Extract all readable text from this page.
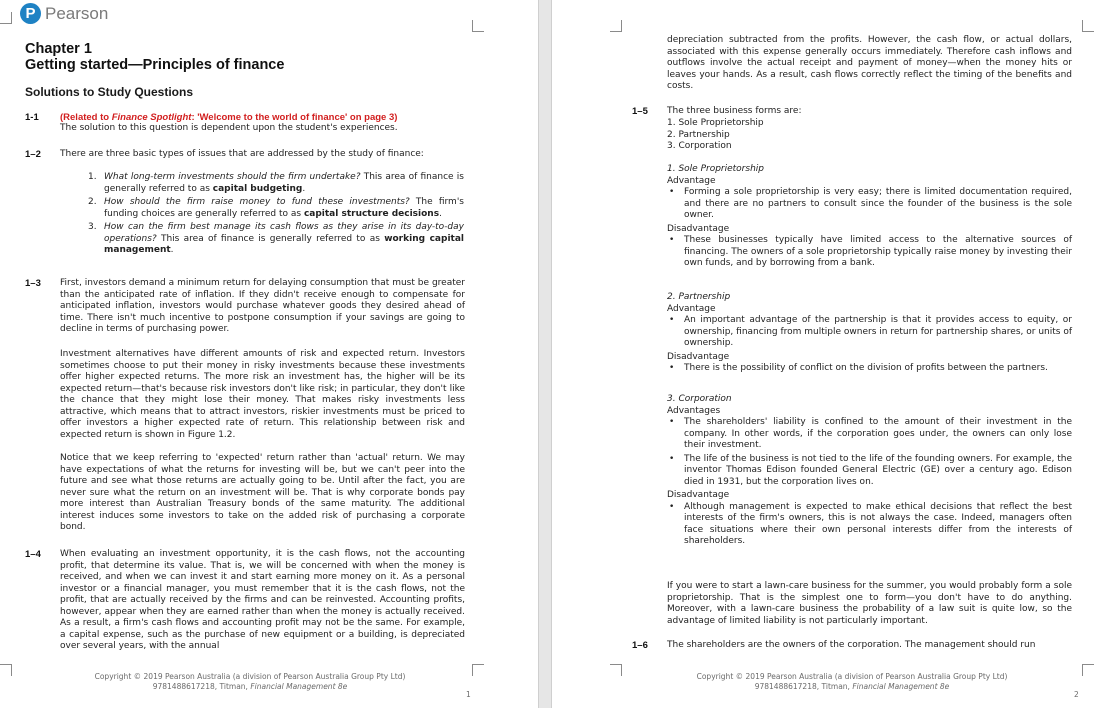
P Pearson
Chapter 1
Getting started—Principles of finance
Solutions to Study Questions
1-1 (Related to Finance Spotlight: 'Welcome to the world of finance' on page 3)
The solution to this question is dependent upon the student's experiences.
1–2 There are three basic types of issues that are addressed by the study of finance:
1. What long-term investments should the firm undertake? This area of finance is generally referred to as capital budgeting.
2. How should the firm raise money to fund these investments? The firm's funding choices are generally referred to as capital structure decisions.
3. How can the firm best manage its cash flows as they arise in its day-to-day operations? This area of finance is generally referred to as working capital management.
1–3 First, investors demand a minimum return for delaying consumption that must be greater than the anticipated rate of inflation. If they didn't receive enough to compensate for anticipated inflation, investors would purchase whatever goods they desired ahead of time. There isn't much incentive to postpone consumption if your savings are going to decline in terms of purchasing power.
Investment alternatives have different amounts of risk and expected return. Investors sometimes choose to put their money in risky investments because these investments offer higher expected returns. The more risk an investment has, the higher will be its expected return—that's because risk investors don't like risk; in particular, they don't like the chance that they might lose their money. That makes risky investments less attractive, which means that to attract investors, riskier investments must be priced to offer investors a higher expected rate of return. This relationship between risk and expected return is shown in Figure 1.2.
Notice that we keep referring to 'expected' return rather than 'actual' return. We may have expectations of what the returns for investing will be, but we can't peer into the future and see what those returns are actually going to be. Until after the fact, you are never sure what the return on an investment will be. That is why corporate bonds pay more interest than Australian Treasury bonds of the same maturity. The additional interest induces some investors to take on the added risk of purchasing a corporate bond.
1–4 When evaluating an investment opportunity, it is the cash flows, not the accounting profit, that determine its value. That is, we will be concerned with when the money is received, and when we can invest it and start earning more money on it. As a personal investor or a financial manager, you must remember that it is the cash flows, not the profit, that are actually received by the firms and can be reinvested. Accounting profits, however, appear when they are earned rather than when the money is actually received. As a result, a firm's cash flows and accounting profit may not be the same. For example, a capital expense, such as the purchase of new equipment or a building, is depreciated over several years, with the annual
Copyright © 2019 Pearson Australia (a division of Pearson Australia Group Pty Ltd)
9781488617218, Titman, Financial Management 8e
1
depreciation subtracted from the profits. However, the cash flow, or actual dollars, associated with this expense generally occurs immediately. Therefore cash inflows and outflows involve the actual receipt and payment of money—when the money hits or leaves your hands. As a result, cash flows correctly reflect the timing of the benefits and costs.
1–5 The three business forms are:
1. Sole Proprietorship
2. Partnership
3. Corporation
1. Sole Proprietorship
Advantage
• Forming a sole proprietorship is very easy; there is limited documentation required, and there are no partners to consult since the founder of the business is the sole owner.
Disadvantage
• These businesses typically have limited access to the alternative sources of financing. The owners of a sole proprietorship typically raise money by investing their own funds, and by borrowing from a bank.
2. Partnership
Advantage
• An important advantage of the partnership is that it provides access to equity, or ownership, financing from multiple owners in return for partnership shares, or units of ownership.
Disadvantage
• There is the possibility of conflict on the division of profits between the partners.
3. Corporation
Advantages
• The shareholders' liability is confined to the amount of their investment in the company. In other words, if the corporation goes under, the owners can only lose their investment.
• The life of the business is not tied to the life of the founding owners. For example, the inventor Thomas Edison founded General Electric (GE) over a century ago. Edison died in 1931, but the corporation lives on.
Disadvantage
• Although management is expected to make ethical decisions that reflect the best interests of the firm's owners, this is not always the case. Indeed, managers often face situations where their own personal interests differ from the interests of shareholders.
If you were to start a lawn-care business for the summer, you would probably form a sole proprietorship. That is the simplest one to form—you don't have to do anything. Moreover, with a lawn-care business the probability of a law suit is quite low, so the advantage of limited liability is not particularly important.
1–6 The shareholders are the owners of the corporation. The management should run
Copyright © 2019 Pearson Australia (a division of Pearson Australia Group Pty Ltd)
9781488617218, Titman, Financial Management 8e
2
